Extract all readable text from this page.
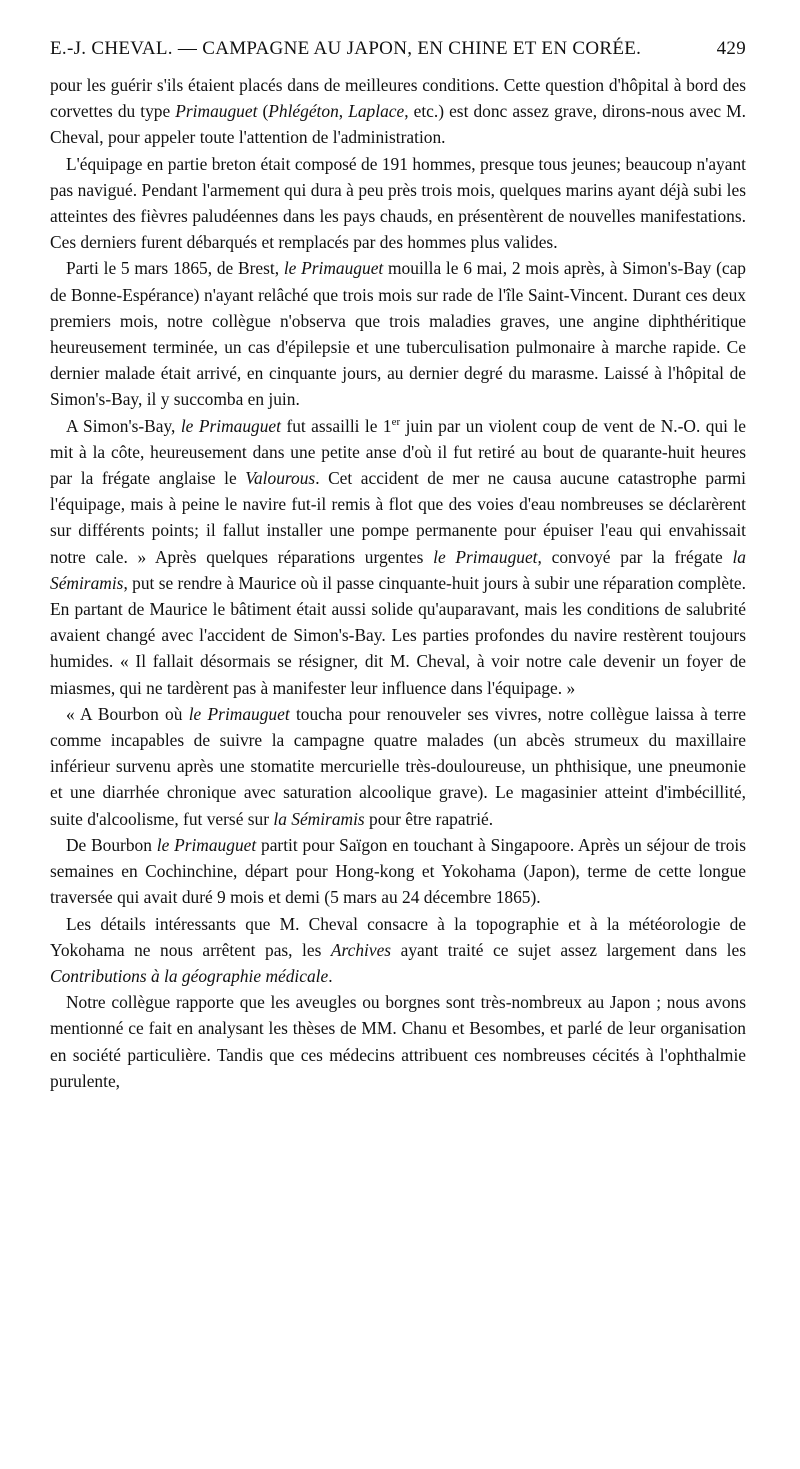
E.-J. CHEVAL. — CAMPAGNE AU JAPON, EN CHINE ET EN CORÉE.	429

pour les guérir s'ils étaient placés dans de meilleures conditions. Cette question d'hôpital à bord des corvettes du type Primauguet (Phlégéton, Laplace, etc.) est donc assez grave, dirons-nous avec M. Cheval, pour appeler toute l'attention de l'administration.

L'équipage en partie breton était composé de 191 hommes, presque tous jeunes; beaucoup n'ayant pas navigué. Pendant l'armement qui dura à peu près trois mois, quelques marins ayant déjà subi les atteintes des fièvres paludéennes dans les pays chauds, en présentèrent de nouvelles manifestations. Ces derniers furent débarqués et remplacés par des hommes plus valides.

Parti le 5 mars 1865, de Brest, le Primauguet mouilla le 6 mai, 2 mois après, à Simon's-Bay (cap de Bonne-Espérance) n'ayant relâché que trois mois sur rade de l'île Saint-Vincent. Durant ces deux premiers mois, notre collègue n'observa que trois maladies graves, une angine diphthéritique heureusement terminée, un cas d'épilepsie et une tuberculisation pulmonaire à marche rapide. Ce dernier malade était arrivé, en cinquante jours, au dernier degré du marasme. Laissé à l'hôpital de Simon's-Bay, il y succomba en juin.

A Simon's-Bay, le Primauguet fut assailli le 1er juin par un violent coup de vent de N.-O. qui le mit à la côte, heureusement dans une petite anse d'où il fut retiré au bout de quarante-huit heures par la frégate anglaise le Valourous. Cet accident de mer ne causa aucune catastrophe parmi l'équipage, mais à peine le navire fut-il remis à flot que des voies d'eau nombreuses se déclarèrent sur différents points; il fallut installer une pompe permanente pour épuiser l'eau qui envahissait notre cale. » Après quelques réparations urgentes le Primauguet, convoyé par la frégate la Sémiramis, put se rendre à Maurice où il passe cinquante-huit jours à subir une réparation complète. En partant de Maurice le bâtiment était aussi solide qu'auparavant, mais les conditions de salubrité avaient changé avec l'accident de Simon's-Bay. Les parties profondes du navire restèrent toujours humides. « Il fallait désormais se résigner, dit M. Cheval, à voir notre cale devenir un foyer de miasmes, qui ne tardèrent pas à manifester leur influence dans l'équipage. »

« A Bourbon où le Primauguet toucha pour renouveler ses vivres, notre collègue laissa à terre comme incapables de suivre la campagne quatre malades (un abcès strumeux du maxillaire inférieur survenu après une stomatite mercurielle très-douloureuse, un phthisique, une pneumonie et une diarrhée chronique avec saturation alcoolique grave). Le magasinier atteint d'imbécillité, suite d'alcoolisme, fut versé sur la Sémiramis pour être rapatrié.

De Bourbon le Primauguet partit pour Saïgon en touchant à Singapoore. Après un séjour de trois semaines en Cochinchine, départ pour Hong-kong et Yokohama (Japon), terme de cette longue traversée qui avait duré 9 mois et demi (5 mars au 24 décembre 1865).

Les détails intéressants que M. Cheval consacre à la topographie et à la météorologie de Yokohama ne nous arrêtent pas, les Archives ayant traité ce sujet assez largement dans les Contributions à la géographie médicale.

Notre collègue rapporte que les aveugles ou borgnes sont très-nombreux au Japon ; nous avons mentionné ce fait en analysant les thèses de MM. Chanu et Besombes, et parlé de leur organisation en société particulière. Tandis que ces médecins attribuent ces nombreuses cécités à l'ophthalmie purulente,
